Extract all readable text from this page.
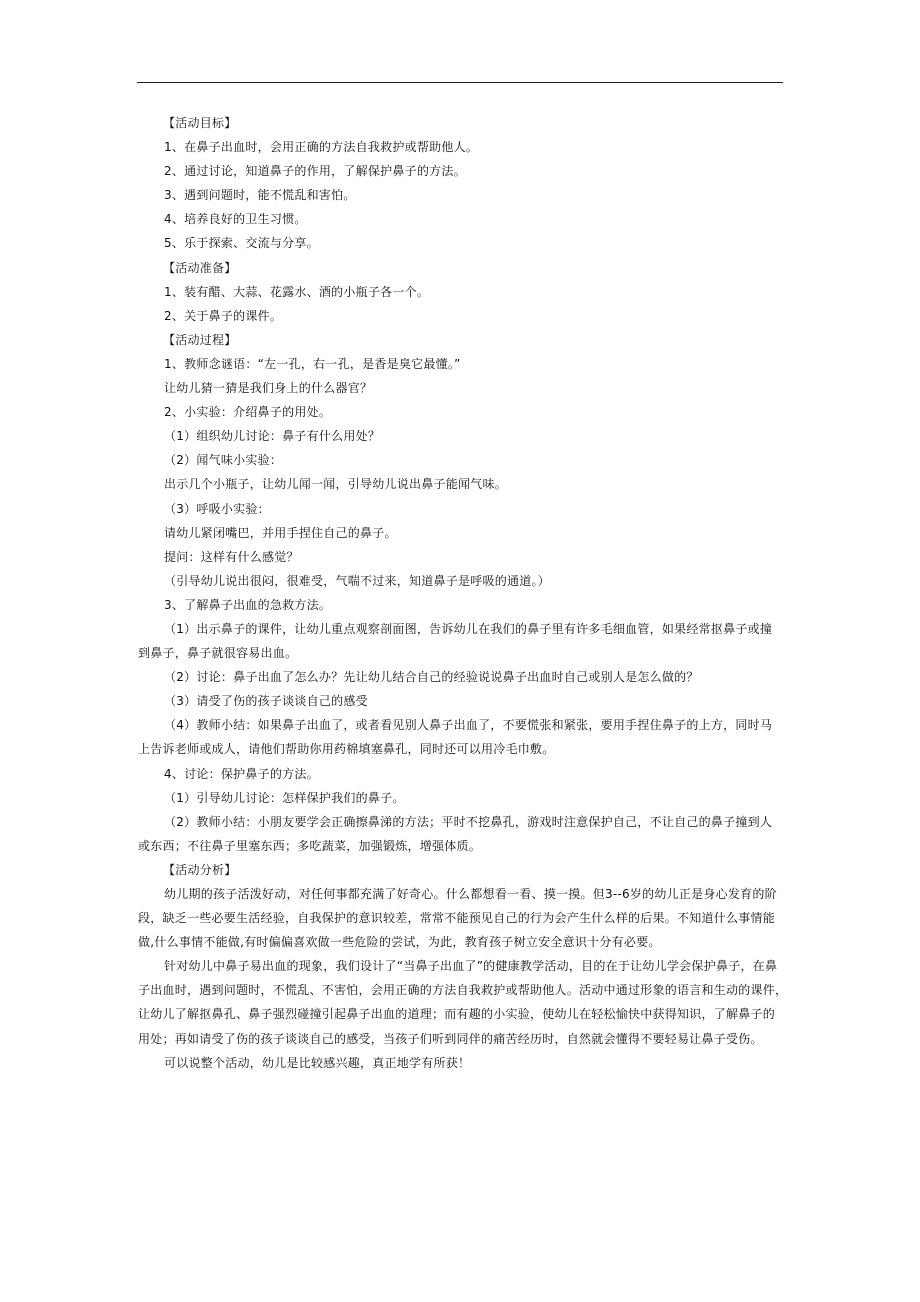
【活动目标】
1、在鼻子出血时，会用正确的方法自我救护或帮助他人。
2、通过讨论，知道鼻子的作用，了解保护鼻子的方法。
3、遇到问题时，能不慌乱和害怕。
4、培养良好的卫生习惯。
5、乐于探索、交流与分享。
【活动准备】
1、装有醋、大蒜、花露水、酒的小瓶子各一个。
2、关于鼻子的课件。
【活动过程】
1、教师念谜语：“左一孔，右一孔，是香是臭它最懂。”
让幼儿猜一猜是我们身上的什么器官？
2、小实验：介绍鼻子的用处。
（1）组织幼儿讨论：鼻子有什么用处？
（2）闻气味小实验：
出示几个小瓶子，让幼儿闻一闻，引导幼儿说出鼻子能闻气味。
（3）呼吸小实验：
请幼儿紧闭嘴巴，并用手捏住自己的鼻子。
提问：这样有什么感觉？
（引导幼儿说出很闷，很难受，气喘不过来，知道鼻子是呼吸的通道。）
3、了解鼻子出血的急救方法。
（1）出示鼻子的课件，让幼儿重点观察剖面图，告诉幼儿在我们的鼻子里有许多毛细血管，如果经常抠鼻子或撞
到鼻子，鼻子就很容易出血。
（2）讨论：鼻子出血了怎么办？先让幼儿结合自己的经验说说鼻子出血时自己或别人是怎么做的？
（3）请受了伤的孩子谈谈自己的感受
（4）教师小结：如果鼻子出血了，或者看见别人鼻子出血了，不要慌张和紧张，要用手捏住鼻子的上方，同时马
上告诉老师或成人，请他们帮助你用药棉填塞鼻孔，同时还可以用冷毛巾敷。
4、讨论：保护鼻子的方法。
（1）引导幼儿讨论：怎样保护我们的鼻子。
（2）教师小结：小朋友要学会正确擦鼻涕的方法；平时不挖鼻孔，游戏时注意保护自己，不让自己的鼻子撞到人
或东西；不往鼻子里塞东西；多吃蔬菜，加强锻炼，增强体质。
【活动分析】
幼儿期的孩子活泼好动，对任何事都充满了好奇心。什么都想看一看、摸一摸。但3--6岁的幼儿正是身心发育的阶
段，缺乏一些必要生活经验，自我保护的意识较差，常常不能预见自己的行为会产生什么样的后果。不知道什么事情能
做,什么事情不能做,有时偏偏喜欢做一些危险的尝试，为此，教育孩子树立安全意识十分有必要。
针对幼儿中鼻子易出血的现象，我们设计了“当鼻子出血了”的健康教学活动，目的在于让幼儿学会保护鼻子，在鼻
子出血时，遇到问题时，不慌乱、不害怕，会用正确的方法自我救护或帮助他人。活动中通过形象的语言和生动的课件，
让幼儿了解抠鼻孔、鼻子强烈碰撞引起鼻子出血的道理；而有趣的小实验，使幼儿在轻松愉快中获得知识，了解鼻子的
用处；再如请受了伤的孩子谈谈自己的感受，当孩子们听到同伴的痛苦经历时，自然就会懂得不要轻易让鼻子受伤。
可以说整个活动，幼儿是比较感兴趣，真正地学有所获！
